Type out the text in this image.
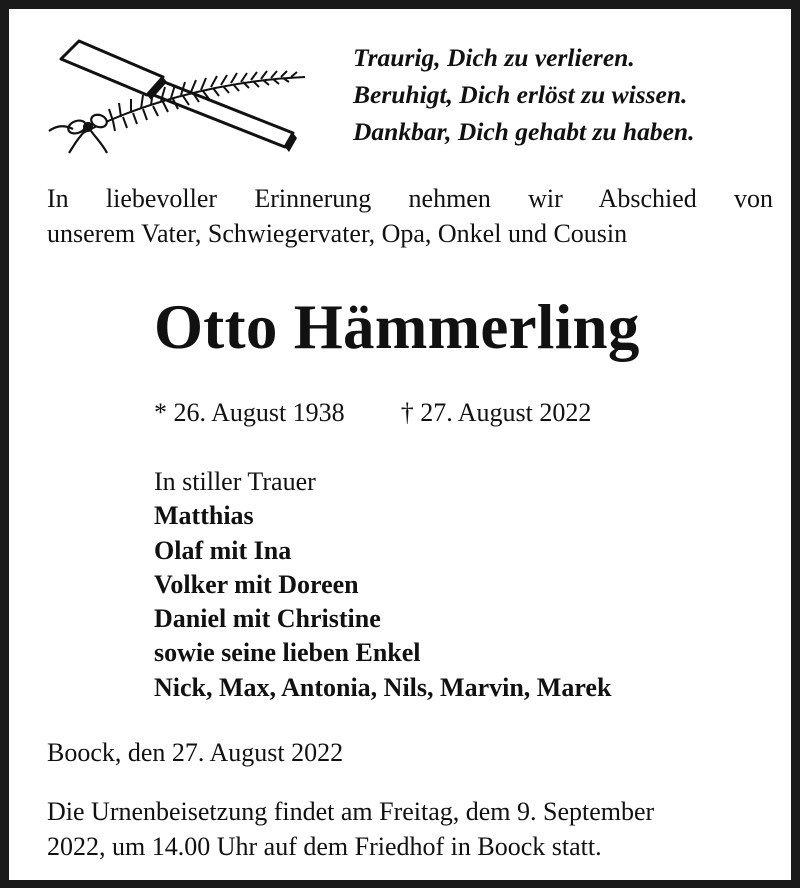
Traurig, Dich zu verlieren.
Beruhigt, Dich erlöst zu wissen.
Dankbar, Dich gehabt zu haben.
In liebevoller Erinnerung nehmen wir Abschied von
unserem Vater, Schwiegervater, Opa, Onkel und Cousin
Otto Hämmerling
* 26. August 1938 † 27. August 2022
In stiller Trauer
Matthias
Olaf mit Ina
Volker mit Doreen
Daniel mit Christine
sowie seine lieben Enkel
Nick, Max, Antonia, Nils, Marvin, Marek
Boock, den 27. August 2022
Die Urnenbeisetzung findet am Freitag, dem 9. September
2022, um 14.00 Uhr auf dem Friedhof in Boock statt.
